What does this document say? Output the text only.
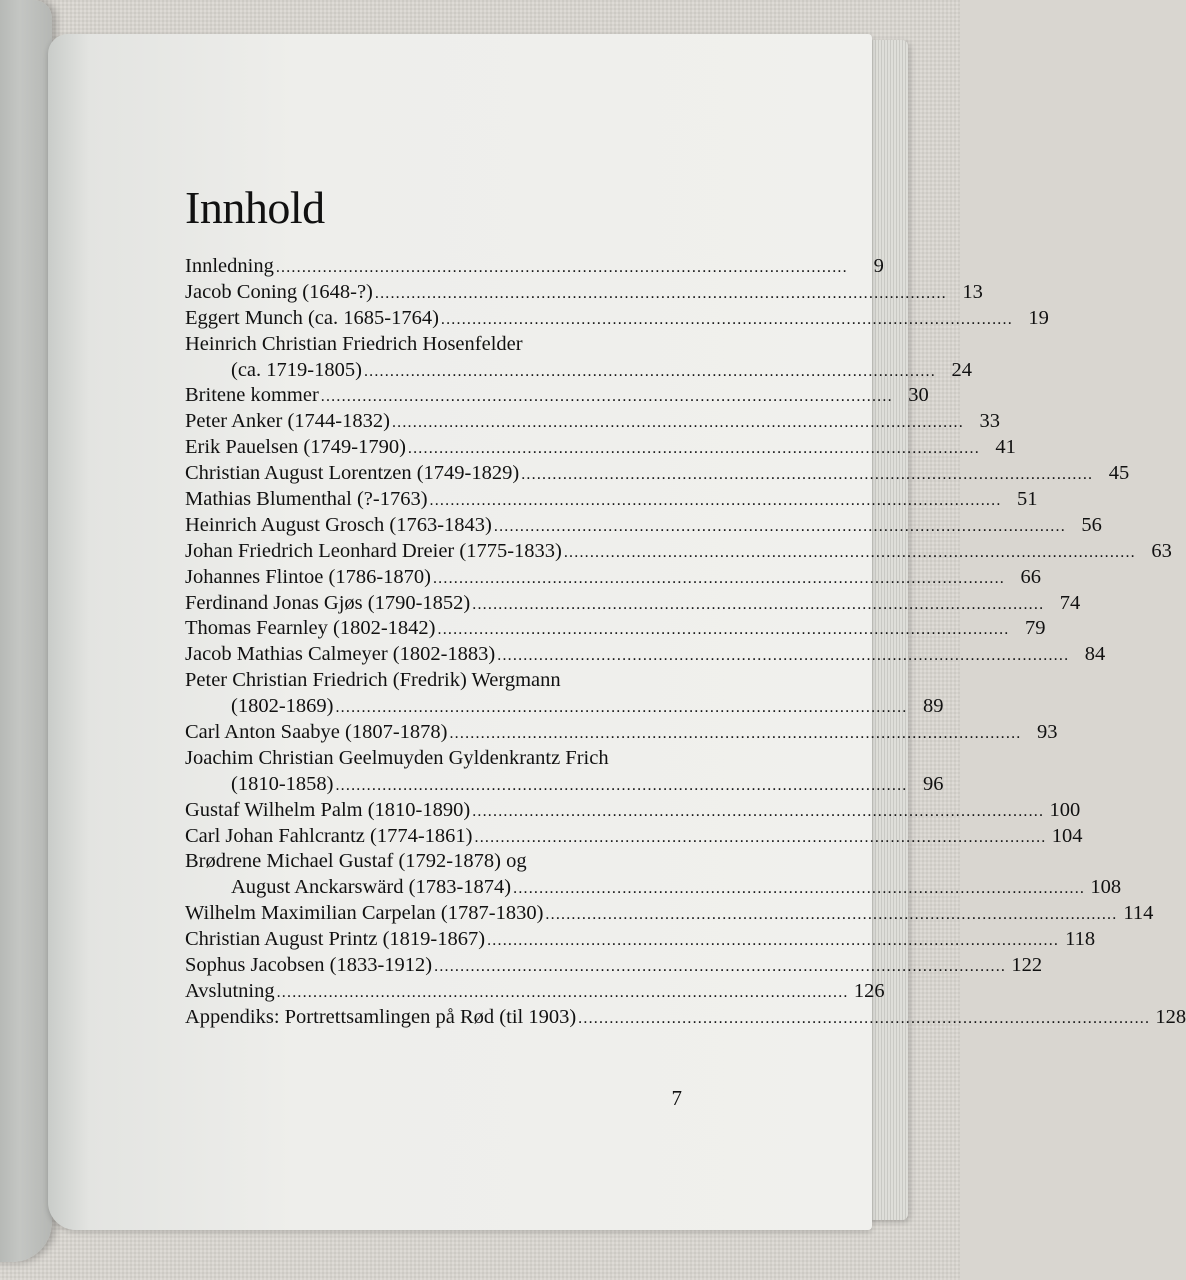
Innhold
Innledning ..............................................................................................................	9
Jacob Coning (1648-?) .............................................................................................................. 13
Eggert Munch (ca. 1685-1764) .............................................................................................................. 19
Heinrich Christian Friedrich Hosenfelder
(ca. 1719-1805) .............................................................................................................. 24
Britene kommer .............................................................................................................. 30
Peter Anker (1744-1832) .............................................................................................................. 33
Erik Pauelsen (1749-1790) .............................................................................................................. 41
Christian August Lorentzen (1749-1829) .............................................................................................................. 45
Mathias Blumenthal (?-1763) .............................................................................................................. 51
Heinrich August Grosch (1763-1843) .............................................................................................................. 56
Johan Friedrich Leonhard Dreier (1775-1833) .............................................................................................................. 63
Johannes Flintoe (1786-1870) .............................................................................................................. 66
Ferdinand Jonas Gjøs (1790-1852) .............................................................................................................. 74
Thomas Fearnley (1802-1842) .............................................................................................................. 79
Jacob Mathias Calmeyer (1802-1883) .............................................................................................................. 84
Peter Christian Friedrich (Fredrik) Wergmann
(1802-1869) .............................................................................................................. 89
Carl Anton Saabye (1807-1878) .............................................................................................................. 93
Joachim Christian Geelmuyden Gyldenkrantz Frich
(1810-1858) .............................................................................................................. 96
Gustaf Wilhelm Palm (1810-1890) .............................................................................................................. 100
Carl Johan Fahlcrantz (1774-1861) .............................................................................................................. 104
Brødrene Michael Gustaf (1792-1878) og
August Anckarswärd (1783-1874) .............................................................................................................. 108
Wilhelm Maximilian Carpelan (1787-1830) .............................................................................................................. 114
Christian August Printz (1819-1867) .............................................................................................................. 118
Sophus Jacobsen (1833-1912) .............................................................................................................. 122
Avslutning .............................................................................................................. 126
Appendiks: Portrettsamlingen på Rød (til 1903) .............................................................................................................. 128
7
